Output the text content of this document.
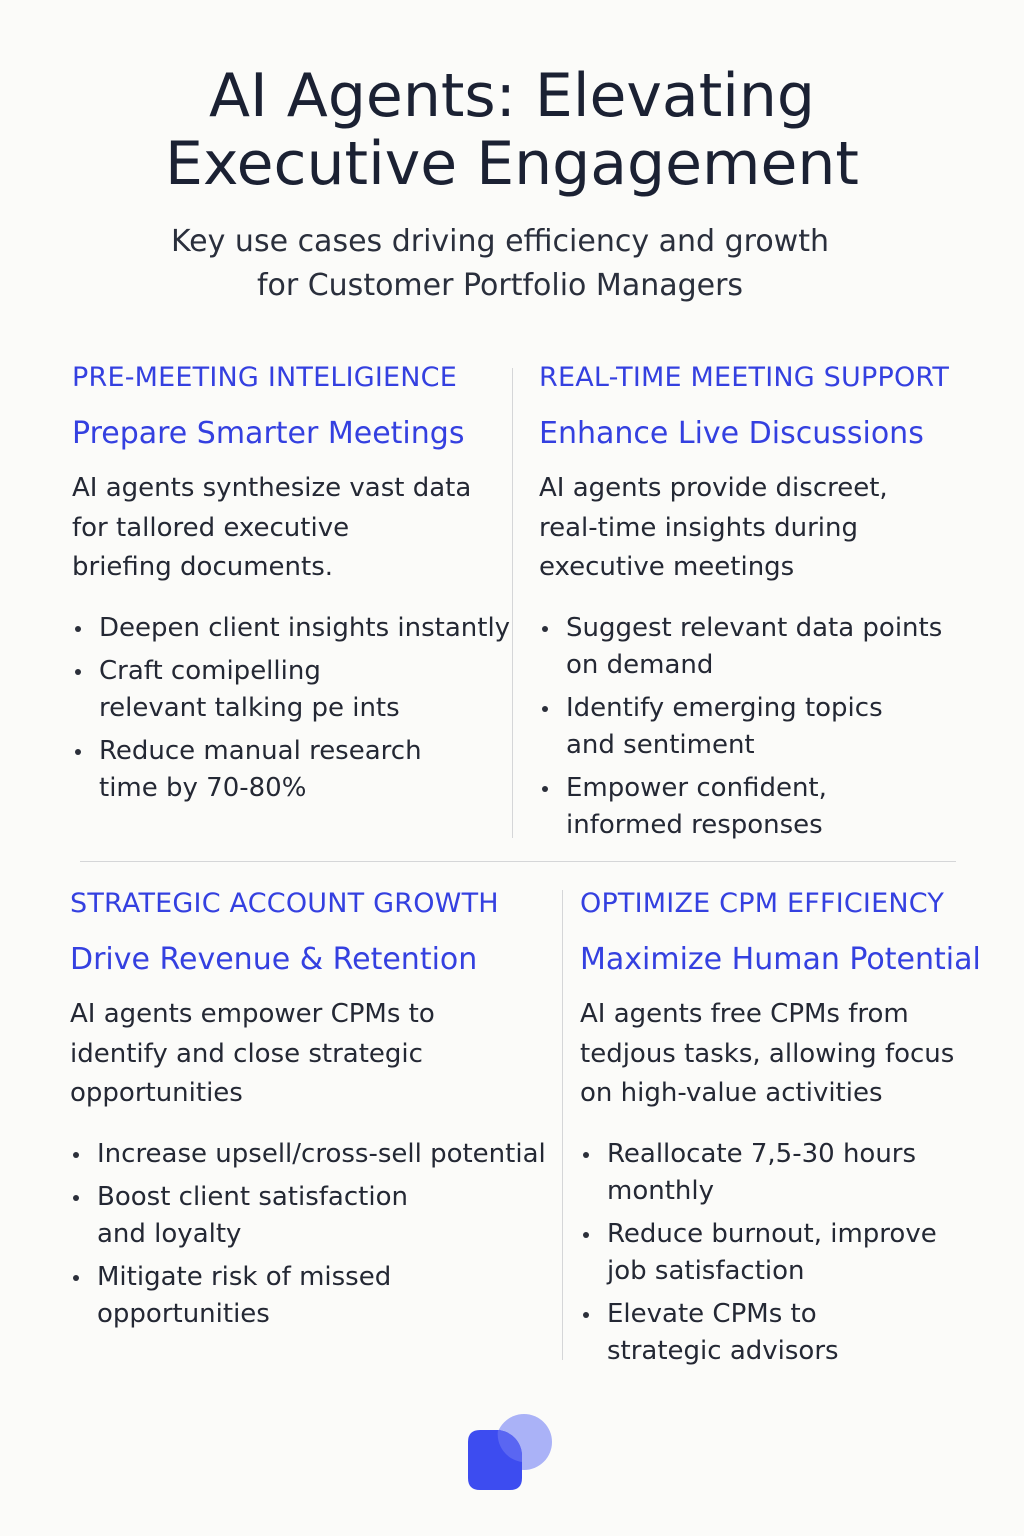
AI Agents: Elevating
Executive Engagement

Key use cases driving efficiency and growth
for Customer Portfolio Managers

PRE-MEETING INTELIGIENCE

Prepare Smarter Meetings

AI agents synthesize vast data
for tallored executive
briefing documents.

Deepen client insights instantly
Craft comipelling
relevant talking pe ints
Reduce manual research
time by 70-80%

REAL-TIME MEETING SUPPORT

Enhance Live Discussions

AI agents provide discreet,
real-time insights during
executive meetings

Suggest relevant data points
on demand
Identify emerging topics
and sentiment
Empower confident,
informed responses

STRATEGIC ACCOUNT GROWTH

Drive Revenue & Retention

AI agents empower CPMs to
identify and close strategic
opportunities

Increase upsell/cross-sell potential
Boost client satisfaction
and loyalty
Mitigate risk of missed
opportunities

OPTIMIZE CPM EFFICIENCY

Maximize Human Potential

AI agents free CPMs from
tedjous tasks, allowing focus
on high-value activities

Reallocate 7,5-30 hours
monthly
Reduce burnout, improve
job satisfaction
Elevate CPMs to
strategic advisors
